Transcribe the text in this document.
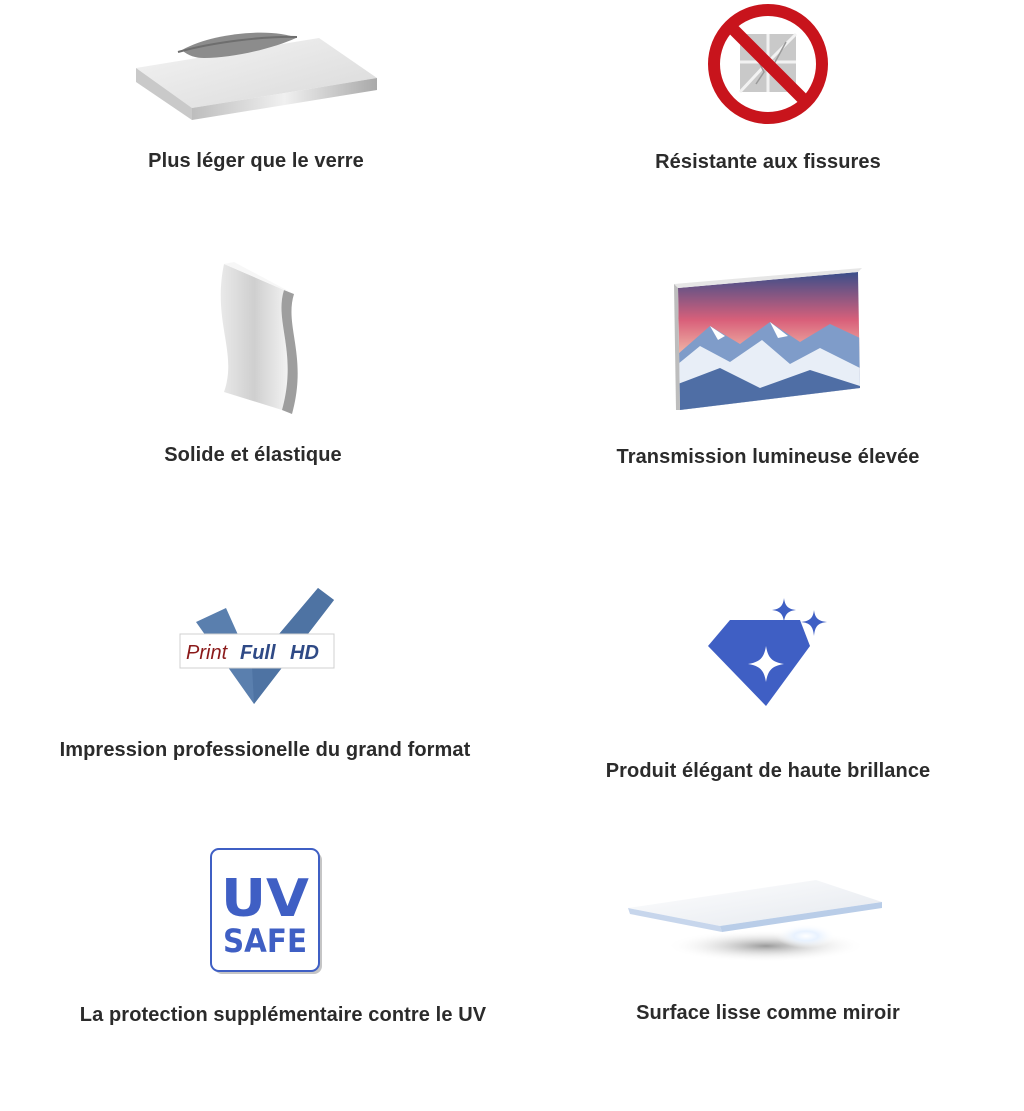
Plus léger que le verre	Résistante aux fissures
Solide et élastique	Transmission lumineuse élevée
Print Full HD
Impression professionelle du grand format
Produit élégant de haute brillance
UV
SAFE
La protection supplémentaire contre le UV	Surface lisse comme miroir
